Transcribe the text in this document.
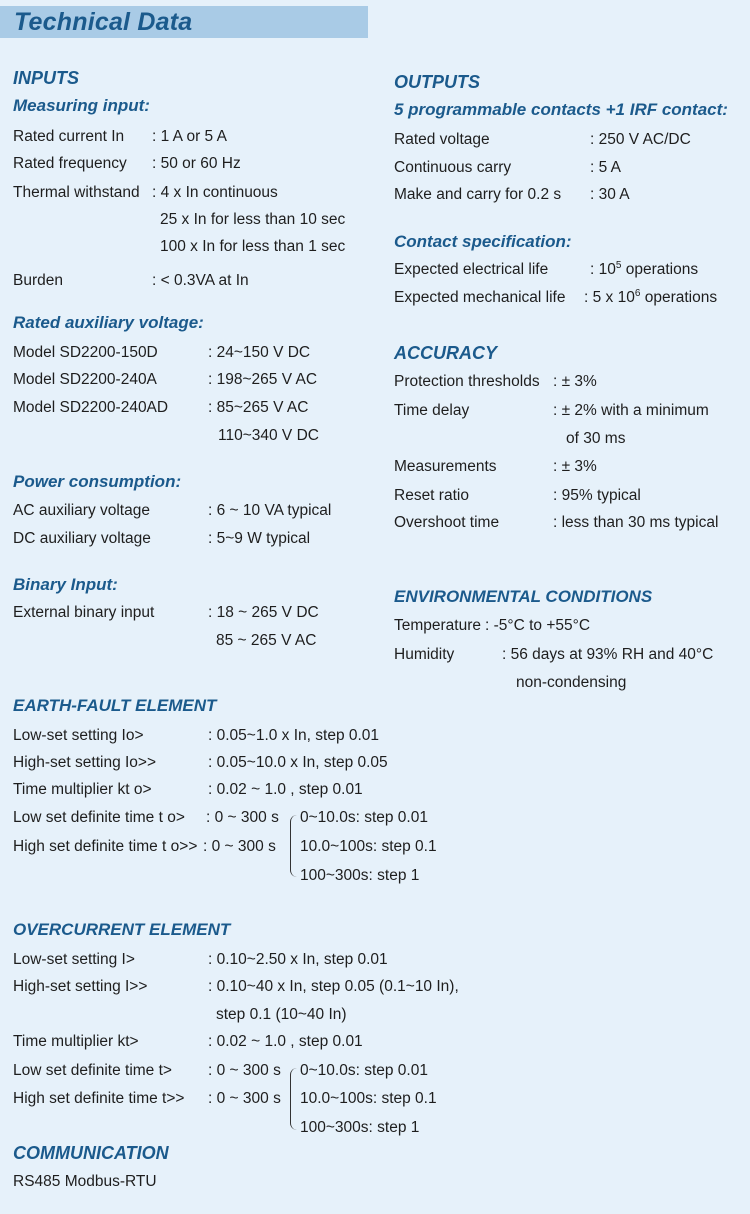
Technical Data
INPUTS
Measuring input:
Rated current In : 1 A or 5 A
Rated frequency : 50 or 60 Hz
Thermal withstand : 4 x In continuous
25 x In for less than 10 sec
100 x In for less than 1 sec
Burden	: < 0.3VA at In
Rated auxiliary voltage:
Model SD2200-150D	: 24~150 V DC
Model SD2200-240A	: 198~265 V AC
Model SD2200-240AD	: 85~265 V AC
110~340 V DC
Power consumption:
AC auxiliary voltage	: 6 ~ 10 VA typical
DC auxiliary voltage	: 5~9 W typical
Binary Input:
External binary input	: 18 ~ 265 V DC
85 ~ 265 V AC
OUTPUTS
5 programmable contacts +1 IRF contact:
Rated voltage	: 250 V AC/DC
Continuous carry	: 5 A
Make and carry for 0.2 s : 30 A
Contact specification:
Expected electrical life	: $10^5$ operations
Expected mechanical life : 5 x $10^6$ operations
ACCURACY
Protection thresholds : ± 3%
Time delay	: ± 2% with a minimum
of 30 ms
Measurements	: ± 3%
Reset ratio	: 95% typical
Overshoot time	: less than 30 ms typical
ENVIRONMENTAL CONDITIONS
Temperature : -5°C to +55°C
Humidity	: 56 days at 93% RH and 40°C
non-condensing
EARTH-FAULT ELEMENT
Low-set setting Io>	: 0.05~1.0 x In, step 0.01
High-set setting Io>>	: 0.05~10.0 x In, step 0.05
Time multiplier kt o>	: 0.02 ~ 1.0 , step 0.01
Low set definite time t o> : 0 ~ 300 s
High set definite time t o>> : 0 ~ 300 s
0~10.0s: step 0.01
10.0~100s: step 0.1
100~300s: step 1
OVERCURRENT ELEMENT
Low-set setting I>	: 0.10~2.50 x In, step 0.01
High-set setting I>>	: 0.10~40 x In, step 0.05 (0.1~10 In),
step 0.1 (10~40 In)
Time multiplier kt>	: 0.02 ~ 1.0 , step 0.01
Low set definite time t> : 0 ~ 300 s
High set definite time t>> : 0 ~ 300 s
0~10.0s: step 0.01
10.0~100s: step 0.1
100~300s: step 1
COMMUNICATION
RS485 Modbus-RTU
